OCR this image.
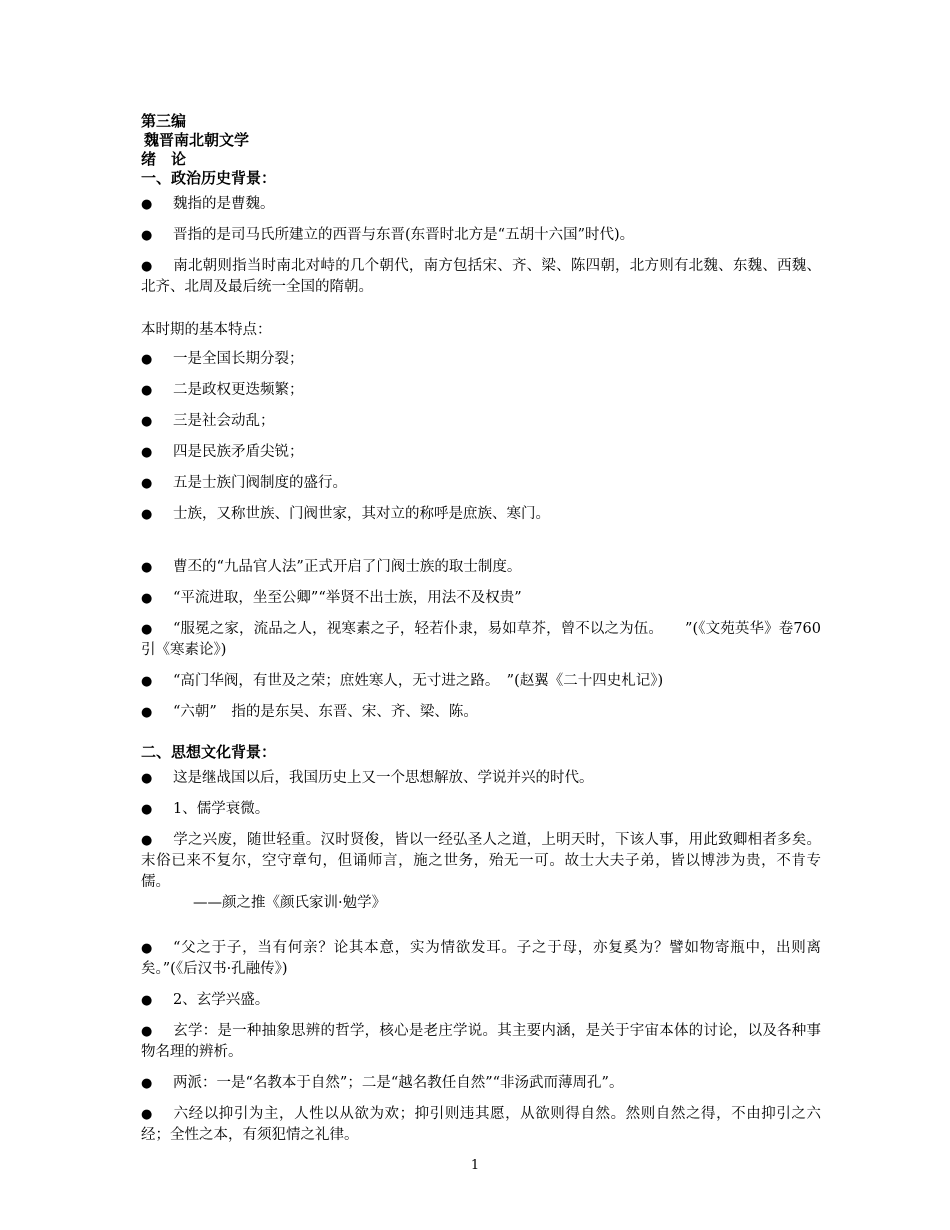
第三编

魏晋南北朝文学

绪　论

一、政治历史背景：

● 魏指的是曹魏。
● 晋指的是司马氏所建立的西晋与东晋(东晋时北方是“五胡十六国”时代)。
● 南北朝则指当时南北对峙的几个朝代，南方包括宋、齐、梁、陈四朝，北方则有北魏、东魏、西魏、北齐、北周及最后统一全国的隋朝。

本时期的基本特点：

● 一是全国长期分裂；
● 二是政权更迭频繁；
● 三是社会动乱；
● 四是民族矛盾尖锐；
● 五是士族门阀制度的盛行。
● 士族，又称世族、门阀世家，其对立的称呼是庶族、寒门。
● 曹丕的“九品官人法”正式开启了门阀士族的取士制度。
● “平流进取，坐至公卿”“举贤不出士族，用法不及权贵”
● “服冕之家，流品之人，视寒素之子，轻若仆隶，易如草芥，曾不以之为伍。　　”(《文苑英华》卷760引《寒素论》)
● “高门华阀，有世及之荣；庶姓寒人，无寸进之路。　”(赵翼《二十四史札记》)
● “六朝”　指的是东吴、东晋、宋、齐、梁、陈。

二、思想文化背景：

● 这是继战国以后，我国历史上又一个思想解放、学说并兴的时代。
● 1、儒学衰微。
● 学之兴废，随世轻重。汉时贤俊，皆以一经弘圣人之道，上明天时，下该人事，用此致卿相者多矣。末俗已来不复尔，空守章句，但诵师言，施之世务，殆无一可。故士大夫子弟，皆以博涉为贵，不肯专儒。

——颜之推《颜氏家训·勉学》

● “父之于子，当有何亲？论其本意，实为情欲发耳。子之于母，亦复奚为？譬如物寄瓶中，出则离矣。”(《后汉书·孔融传》)
● 2、玄学兴盛。
● 玄学：是一种抽象思辨的哲学，核心是老庄学说。其主要内涵，是关于宇宙本体的讨论，以及各种事物名理的辨析。
● 两派：一是“名教本于自然”；二是“越名教任自然”“非汤武而薄周孔”。
● 六经以抑引为主，人性以从欲为欢；抑引则违其愿，从欲则得自然。然则自然之得，不由抑引之六经；全性之本，有须犯情之礼律。
1
